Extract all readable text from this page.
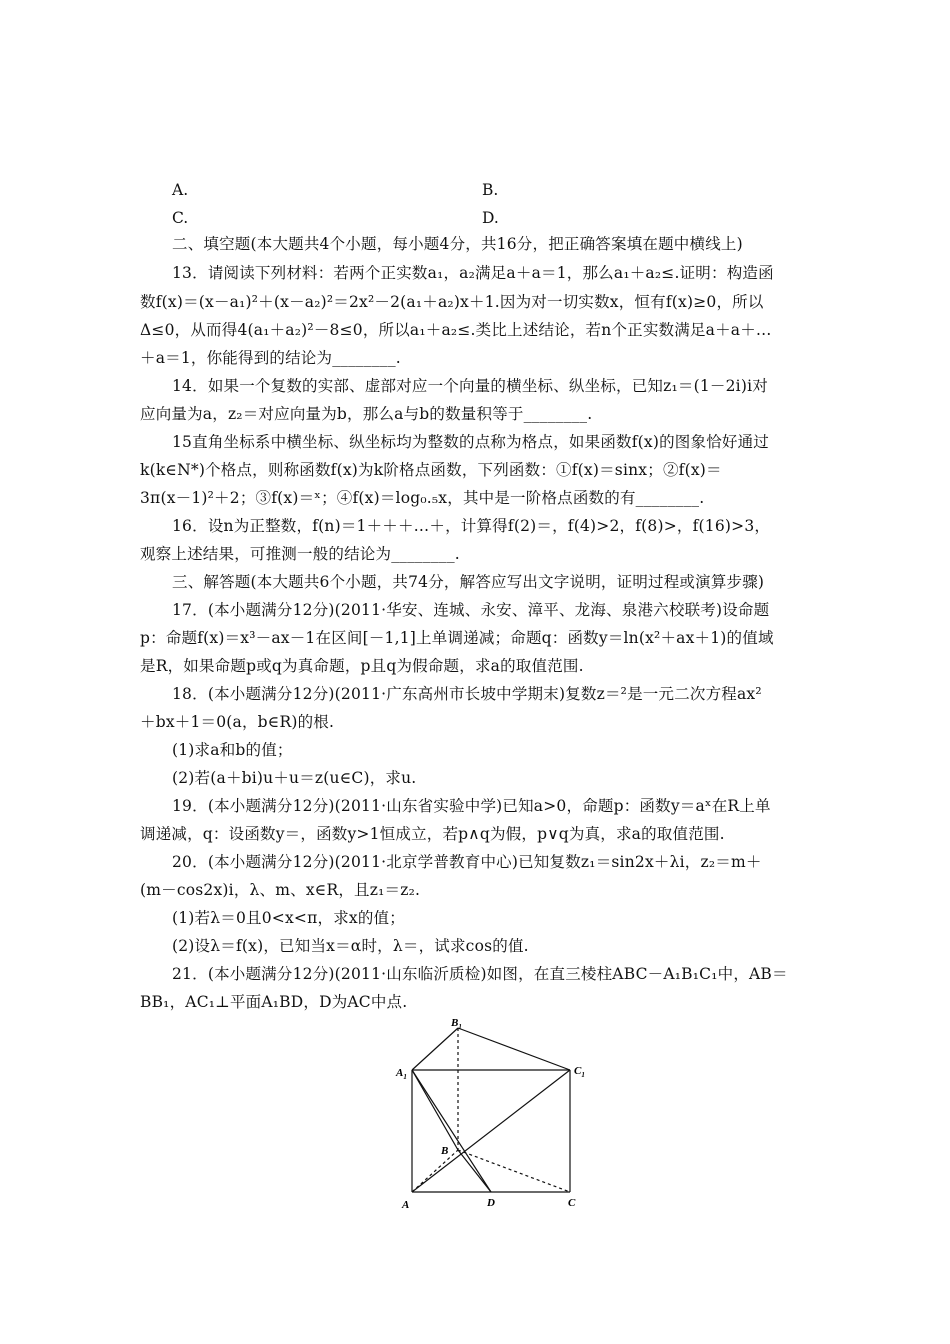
A.	B.
C.	D.
二、填空题(本大题共4个小题，每小题4分，共16分，把正确答案填在题中横线上)
13．请阅读下列材料：若两个正实数a₁，a₂满足a＋a＝1，那么a₁＋a₂≤.证明：构造函
数f(x)＝(x－a₁)²＋(x－a₂)²＝2x²－2(a₁＋a₂)x＋1.因为对一切实数x，恒有f(x)≥0，所以
Δ≤0，从而得4(a₁＋a₂)²－8≤0，所以a₁＋a₂≤.类比上述结论，若n个正实数满足a＋a＋…
＋a＝1，你能得到的结论为________.
14．如果一个复数的实部、虚部对应一个向量的横坐标、纵坐标，已知z₁＝(1－2i)i对
应向量为a，z₂＝对应向量为b，那么a与b的数量积等于________.
15直角坐标系中横坐标、纵坐标均为整数的点称为格点，如果函数f(x)的图象恰好通过
k(k∈N*)个格点，则称函数f(x)为k阶格点函数，下列函数：①f(x)＝sinx；②f(x)＝
3π(x－1)²＋2；③f(x)＝ˣ；④f(x)＝log₀.₅x，其中是一阶格点函数的有________.
16．设n为正整数，f(n)＝1＋＋＋…＋，计算得f(2)＝，f(4)>2，f(8)>，f(16)>3，
观察上述结果，可推测一般的结论为________.
三、解答题(本大题共6个小题，共74分，解答应写出文字说明，证明过程或演算步骤)
17．(本小题满分12分)(2011·华安、连城、永安、漳平、龙海、泉港六校联考)设命题
p：命题f(x)＝x³－ax－1在区间[－1,1]上单调递减；命题q：函数y＝ln(x²＋ax＋1)的值域
是R，如果命题p或q为真命题，p且q为假命题，求a的取值范围.
18．(本小题满分12分)(2011·广东高州市长坡中学期末)复数z＝²是一元二次方程ax²
＋bx＋1＝0(a，b∈R)的根.
(1)求a和b的值；
(2)若(a＋bi)u＋u＝z(u∈C)，求u.
19．(本小题满分12分)(2011·山东省实验中学)已知a>0，命题p：函数y＝aˣ在R上单
调递减，q：设函数y＝，函数y>1恒成立，若p∧q为假，p∨q为真，求a的取值范围.
20．(本小题满分12分)(2011·北京学普教育中心)已知复数z₁＝sin2x＋λi，z₂＝m＋
(m－cos2x)i，λ、m、x∈R，且z₁＝z₂.
(1)若λ＝0且0<x<π，求x的值；
(2)设λ＝f(x)，已知当x＝α时，λ＝，试求cos的值.
21．(本小题满分12分)(2011·山东临沂质检)如图，在直三棱柱ABC－A₁B₁C₁中，AB＝
BB₁，AC₁⊥平面A₁BD，D为AC中点.
$B_1$
$A_1$	$C_1$
B
A	D	C
